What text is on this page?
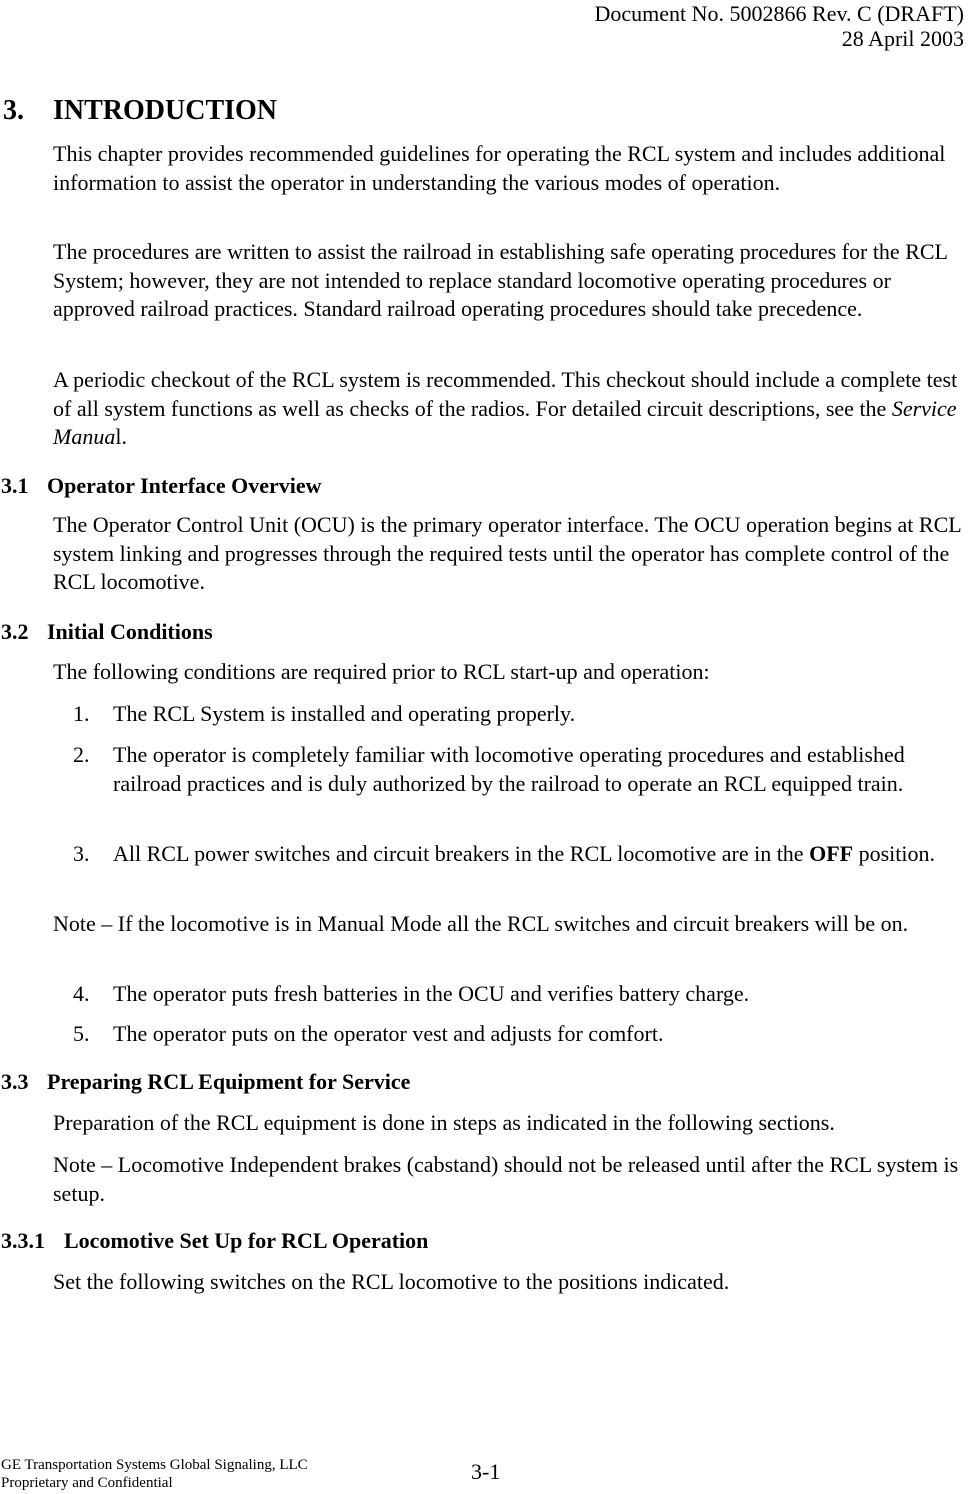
Document No. 5002866 Rev. C (DRAFT)
28 April 2003
3. INTRODUCTION
This chapter provides recommended guidelines for operating the RCL system and includes additional information to assist the operator in understanding the various modes of operation.
The procedures are written to assist the railroad in establishing safe operating procedures for the RCL System; however, they are not intended to replace standard locomotive operating procedures or approved railroad practices. Standard railroad operating procedures should take precedence.
A periodic checkout of the RCL system is recommended. This checkout should include a complete test of all system functions as well as checks of the radios. For detailed circuit descriptions, see the Service Manual.
3.1 Operator Interface Overview
The Operator Control Unit (OCU) is the primary operator interface. The OCU operation begins at RCL system linking and progresses through the required tests until the operator has complete control of the RCL locomotive.
3.2 Initial Conditions
The following conditions are required prior to RCL start-up and operation:
1. The RCL System is installed and operating properly.
2. The operator is completely familiar with locomotive operating procedures and established railroad practices and is duly authorized by the railroad to operate an RCL equipped train.
3. All RCL power switches and circuit breakers in the RCL locomotive are in the OFF position.
Note – If the locomotive is in Manual Mode all the RCL switches and circuit breakers will be on.
4. The operator puts fresh batteries in the OCU and verifies battery charge.
5. The operator puts on the operator vest and adjusts for comfort.
3.3 Preparing RCL Equipment for Service
Preparation of the RCL equipment is done in steps as indicated in the following sections.
Note – Locomotive Independent brakes (cabstand) should not be released until after the RCL system is setup.
3.3.1 Locomotive Set Up for RCL Operation
Set the following switches on the RCL locomotive to the positions indicated.
GE Transportation Systems Global Signaling, LLC
Proprietary and Confidential	3-1
